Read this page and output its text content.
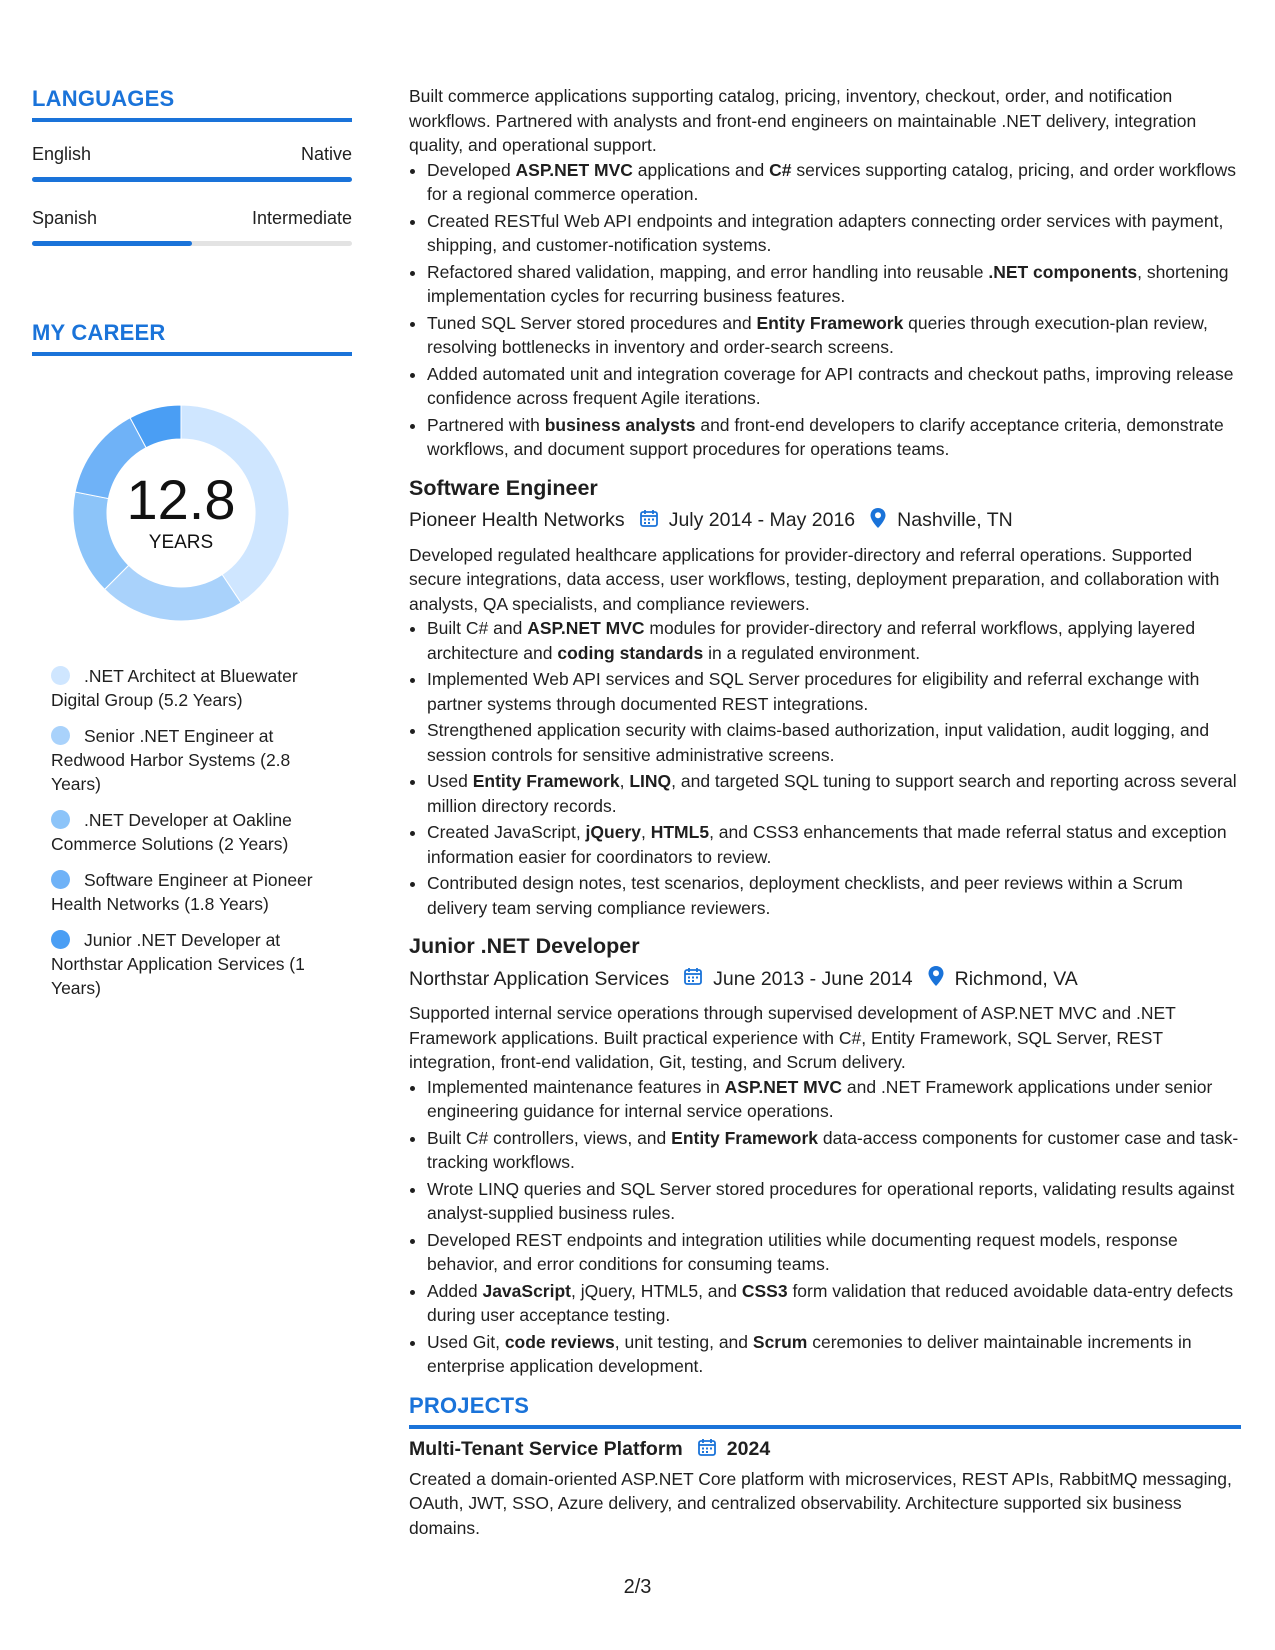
LANGUAGES
English	Native
Spanish	Intermediate
MY CAREER
12.8
YEARS
.NET Architect at Bluewater Digital Group (5.2 Years)
Senior .NET Engineer at Redwood Harbor Systems (2.8 Years)
.NET Developer at Oakline Commerce Solutions (2 Years)
Software Engineer at Pioneer Health Networks (1.8 Years)
Junior .NET Developer at Northstar Application Services (1 Years)
Built commerce applications supporting catalog, pricing, inventory, checkout, order, and notification workflows. Partnered with analysts and front-end engineers on maintainable .NET delivery, integration quality, and operational support.
• Developed ASP.NET MVC applications and C# services supporting catalog, pricing, and order workflows for a regional commerce operation.
• Created RESTful Web API endpoints and integration adapters connecting order services with payment, shipping, and customer-notification systems.
• Refactored shared validation, mapping, and error handling into reusable .NET components, shortening implementation cycles for recurring business features.
• Tuned SQL Server stored procedures and Entity Framework queries through execution-plan review, resolving bottlenecks in inventory and order-search screens.
• Added automated unit and integration coverage for API contracts and checkout paths, improving release confidence across frequent Agile iterations.
• Partnered with business analysts and front-end developers to clarify acceptance criteria, demonstrate workflows, and document support procedures for operations teams.
Software Engineer
Pioneer Health Networks July 2014 - May 2016 Nashville, TN
Developed regulated healthcare applications for provider-directory and referral operations. Supported secure integrations, data access, user workflows, testing, deployment preparation, and collaboration with analysts, QA specialists, and compliance reviewers.
• Built C# and ASP.NET MVC modules for provider-directory and referral workflows, applying layered architecture and coding standards in a regulated environment.
• Implemented Web API services and SQL Server procedures for eligibility and referral exchange with partner systems through documented REST integrations.
• Strengthened application security with claims-based authorization, input validation, audit logging, and session controls for sensitive administrative screens.
• Used Entity Framework, LINQ, and targeted SQL tuning to support search and reporting across several million directory records.
• Created JavaScript, jQuery, HTML5, and CSS3 enhancements that made referral status and exception information easier for coordinators to review.
• Contributed design notes, test scenarios, deployment checklists, and peer reviews within a Scrum delivery team serving compliance reviewers.
Junior .NET Developer
Northstar Application Services June 2013 - June 2014 Richmond, VA
Supported internal service operations through supervised development of ASP.NET MVC and .NET Framework applications. Built practical experience with C#, Entity Framework, SQL Server, REST integration, front-end validation, Git, testing, and Scrum delivery.
• Implemented maintenance features in ASP.NET MVC and .NET Framework applications under senior engineering guidance for internal service operations.
• Built C# controllers, views, and Entity Framework data-access components for customer case and task-tracking workflows.
• Wrote LINQ queries and SQL Server stored procedures for operational reports, validating results against analyst-supplied business rules.
• Developed REST endpoints and integration utilities while documenting request models, response behavior, and error conditions for consuming teams.
• Added JavaScript, jQuery, HTML5, and CSS3 form validation that reduced avoidable data-entry defects during user acceptance testing.
• Used Git, code reviews, unit testing, and Scrum ceremonies to deliver maintainable increments in enterprise application development.
PROJECTS
Multi-Tenant Service Platform 2024
Created a domain-oriented ASP.NET Core platform with microservices, REST APIs, RabbitMQ messaging, OAuth, JWT, SSO, Azure delivery, and centralized observability. Architecture supported six business domains.
2/3
